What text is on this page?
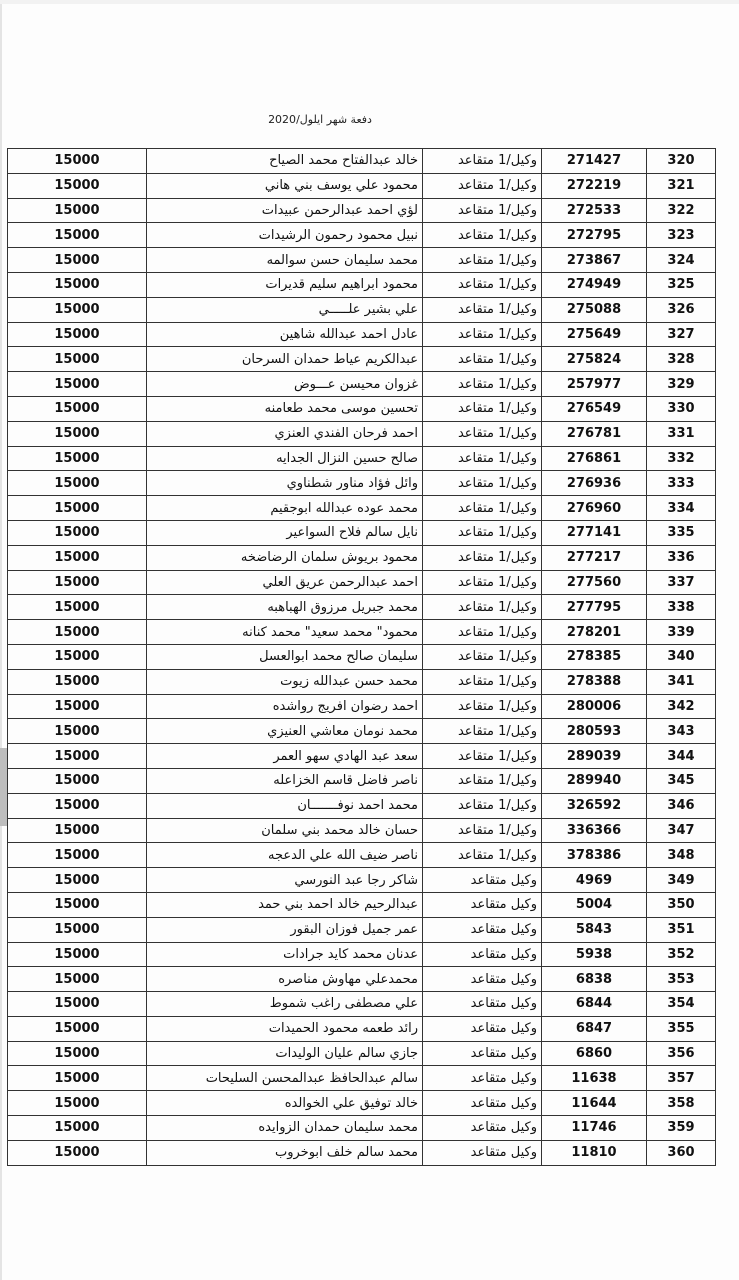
دفعة شهر ايلول/2020
15000	خالد عبدالفتاح محمد الصياح	وكيل/1 متقاعد	271427	320
15000	محمود علي يوسف بني هاني	وكيل/1 متقاعد	272219	321
15000	لؤي احمد عبدالرحمن عبيدات	وكيل/1 متقاعد	272533	322
15000	نبيل محمود رحمون الرشيدات	وكيل/1 متقاعد	272795	323
15000	محمد سليمان حسن سوالمه	وكيل/1 متقاعد	273867	324
15000	محمود ابراهيم سليم قديرات	وكيل/1 متقاعد	274949	325
15000	علي بشير علـــــي	وكيل/1 متقاعد	275088	326
15000	عادل احمد عبدالله شاهين	وكيل/1 متقاعد	275649	327
15000	عبدالكريم عياط حمدان السرحان	وكيل/1 متقاعد	275824	328
15000	غزوان محيسن عـــوض	وكيل/1 متقاعد	257977	329
15000	تحسين موسى محمد طعامنه	وكيل/1 متقاعد	276549	330
15000	احمد فرحان الفندي العنزي	وكيل/1 متقاعد	276781	331
15000	صالح حسين النزال الجدايه	وكيل/1 متقاعد	276861	332
15000	وائل فؤاد مناور شطناوي	وكيل/1 متقاعد	276936	333
15000	محمد عوده عبدالله ابوجقيم	وكيل/1 متقاعد	276960	334
15000	نايل سالم فلاح السواعير	وكيل/1 متقاعد	277141	335
15000	محمود بريوش سلمان الرضاضخه	وكيل/1 متقاعد	277217	336
15000	احمد عبدالرحمن عريق العلي	وكيل/1 متقاعد	277560	337
15000	محمد جبريل مرزوق الهباهبه	وكيل/1 متقاعد	277795	338
15000	محمود" محمد سعيد" محمد كنانه	وكيل/1 متقاعد	278201	339
15000	سليمان صالح محمد ابوالعسل	وكيل/1 متقاعد	278385	340
15000	محمد حسن عبدالله زيوت	وكيل/1 متقاعد	278388	341
15000	احمد رضوان افريج رواشده	وكيل/1 متقاعد	280006	342
15000	محمد نومان معاشي العنيزي	وكيل/1 متقاعد	280593	343
15000	سعد عبد الهادي سهو العمر	وكيل/1 متقاعد	289039	344
15000	ناصر فاضل قاسم الخزاعله	وكيل/1 متقاعد	289940	345
15000	محمد احمد نوفـــــــان	وكيل/1 متقاعد	326592	346
15000	حسان خالد محمد بني سلمان	وكيل/1 متقاعد	336366	347
15000	ناصر ضيف الله علي الدعجه	وكيل/1 متقاعد	378386	348
15000	شاكر رجا عبد النورسي	وكيل متقاعد	4969	349
15000	عبدالرحيم خالد احمد بني حمد	وكيل متقاعد	5004	350
15000	عمر جميل فوزان البقور	وكيل متقاعد	5843	351
15000	عدنان محمد كايد جرادات	وكيل متقاعد	5938	352
15000	محمدعلي مهاوش مناصره	وكيل متقاعد	6838	353
15000	علي مصطفى راغب شموط	وكيل متقاعد	6844	354
15000	رائد طعمه محمود الحميدات	وكيل متقاعد	6847	355
15000	جازي سالم عليان الوليدات	وكيل متقاعد	6860	356
15000	سالم عبدالحافظ عبدالمحسن السليحات	وكيل متقاعد	11638	357
15000	خالد توفيق علي الخوالده	وكيل متقاعد	11644	358
15000	محمد سليمان حمدان الزوايده	وكيل متقاعد	11746	359
15000	محمد سالم خلف ابوخروب	وكيل متقاعد	11810	360
